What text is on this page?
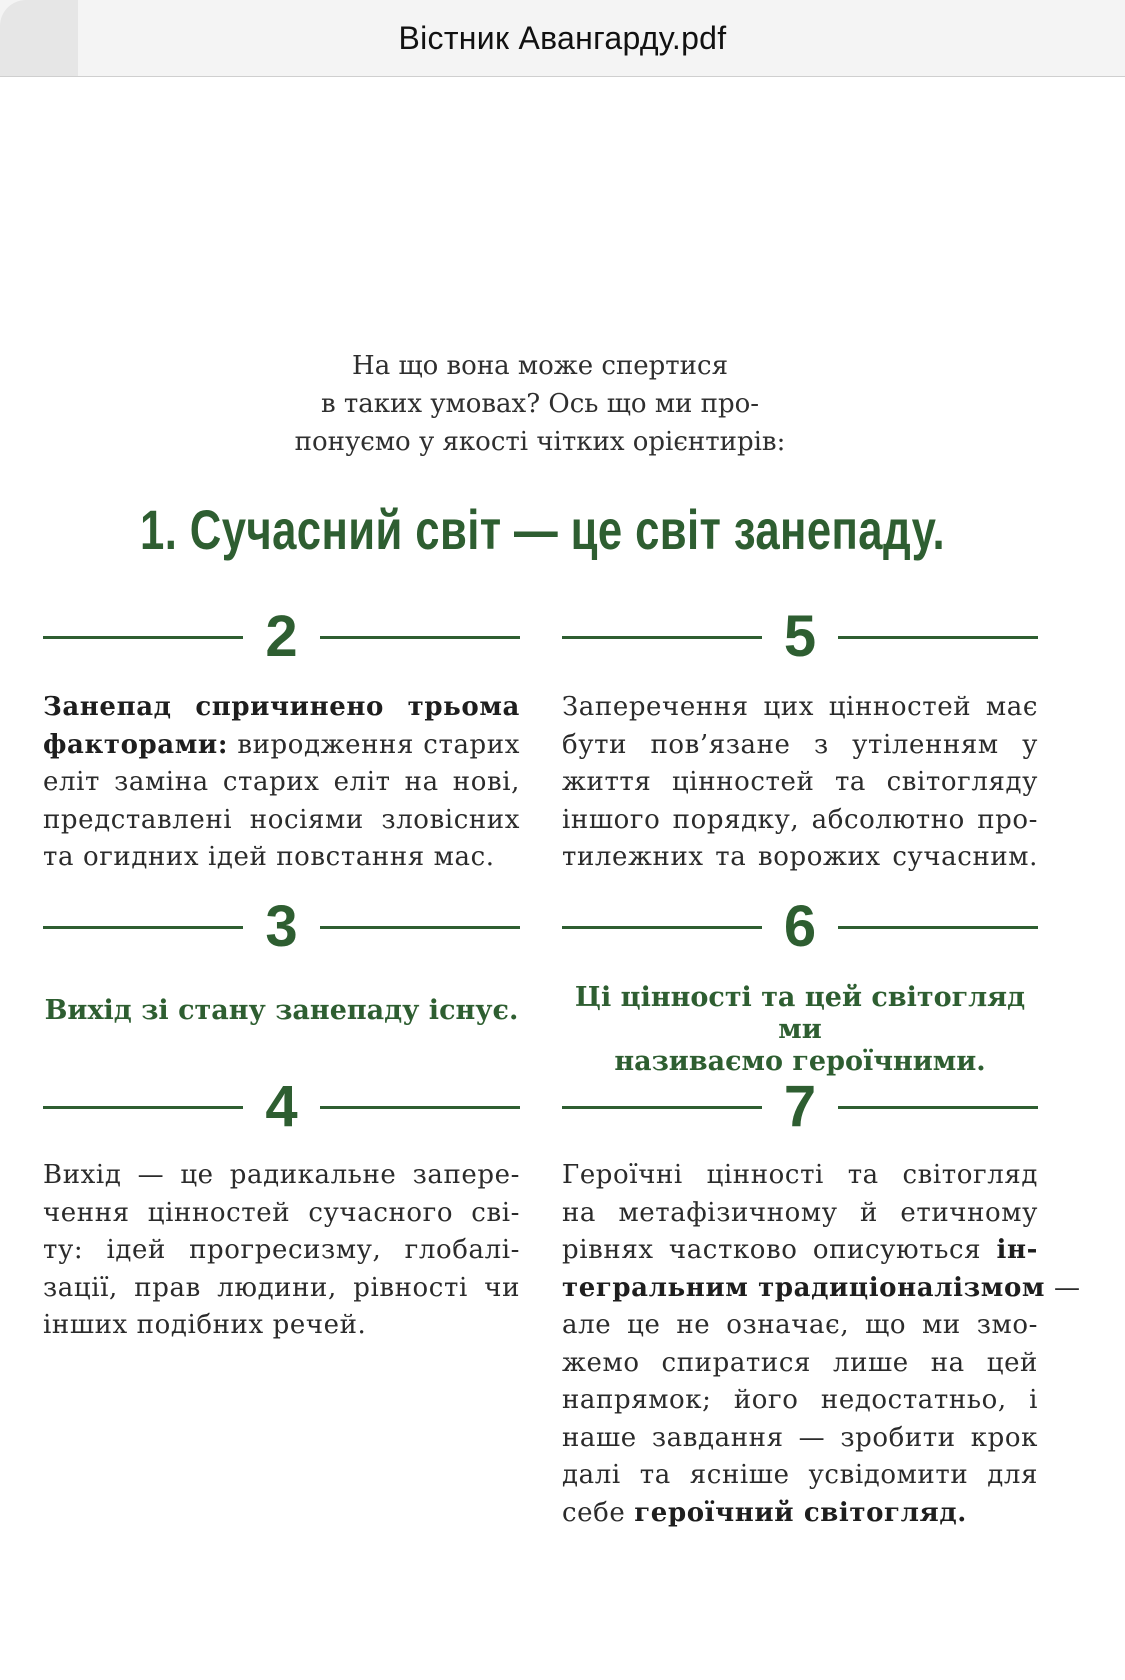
Вістник Авангарду.pdf
На що вона може спертися
в таких умовах? Ось що ми про-
понуємо у якості чітких орієнтирів:
1. Сучасний світ — це світ занепаду.
2
Занепад спричинено трьома
факторами: виродження старих
еліт заміна старих еліт на нові,
представлені носіями зловісних
та огидних ідей повстання мас.
5
Заперечення цих цінностей має
бути пов’язане з утіленням у
життя цінностей та світогляду
іншого порядку, абсолютно про-
тилежних та ворожих сучасним.
3
Вихід зі стану занепаду існує.
6
Ці цінності та цей світогляд ми
називаємо героїчними.
4
Вихід — це радикальне запере-
чення цінностей сучасного сві-
ту: ідей прогресизму, глобалі-
зації, прав людини, рівності чи
інших подібних речей.
7
Героїчні цінності та світогляд
на метафізичному й етичному
рівнях частково описуються ін-
тегральним традиціоналізмом —
але це не означає, що ми змо-
жемо спиратися лише на цей
напрямок; його недостатньо, і
наше завдання — зробити крок
далі та ясніше усвідомити для
себе героїчний світогляд.
